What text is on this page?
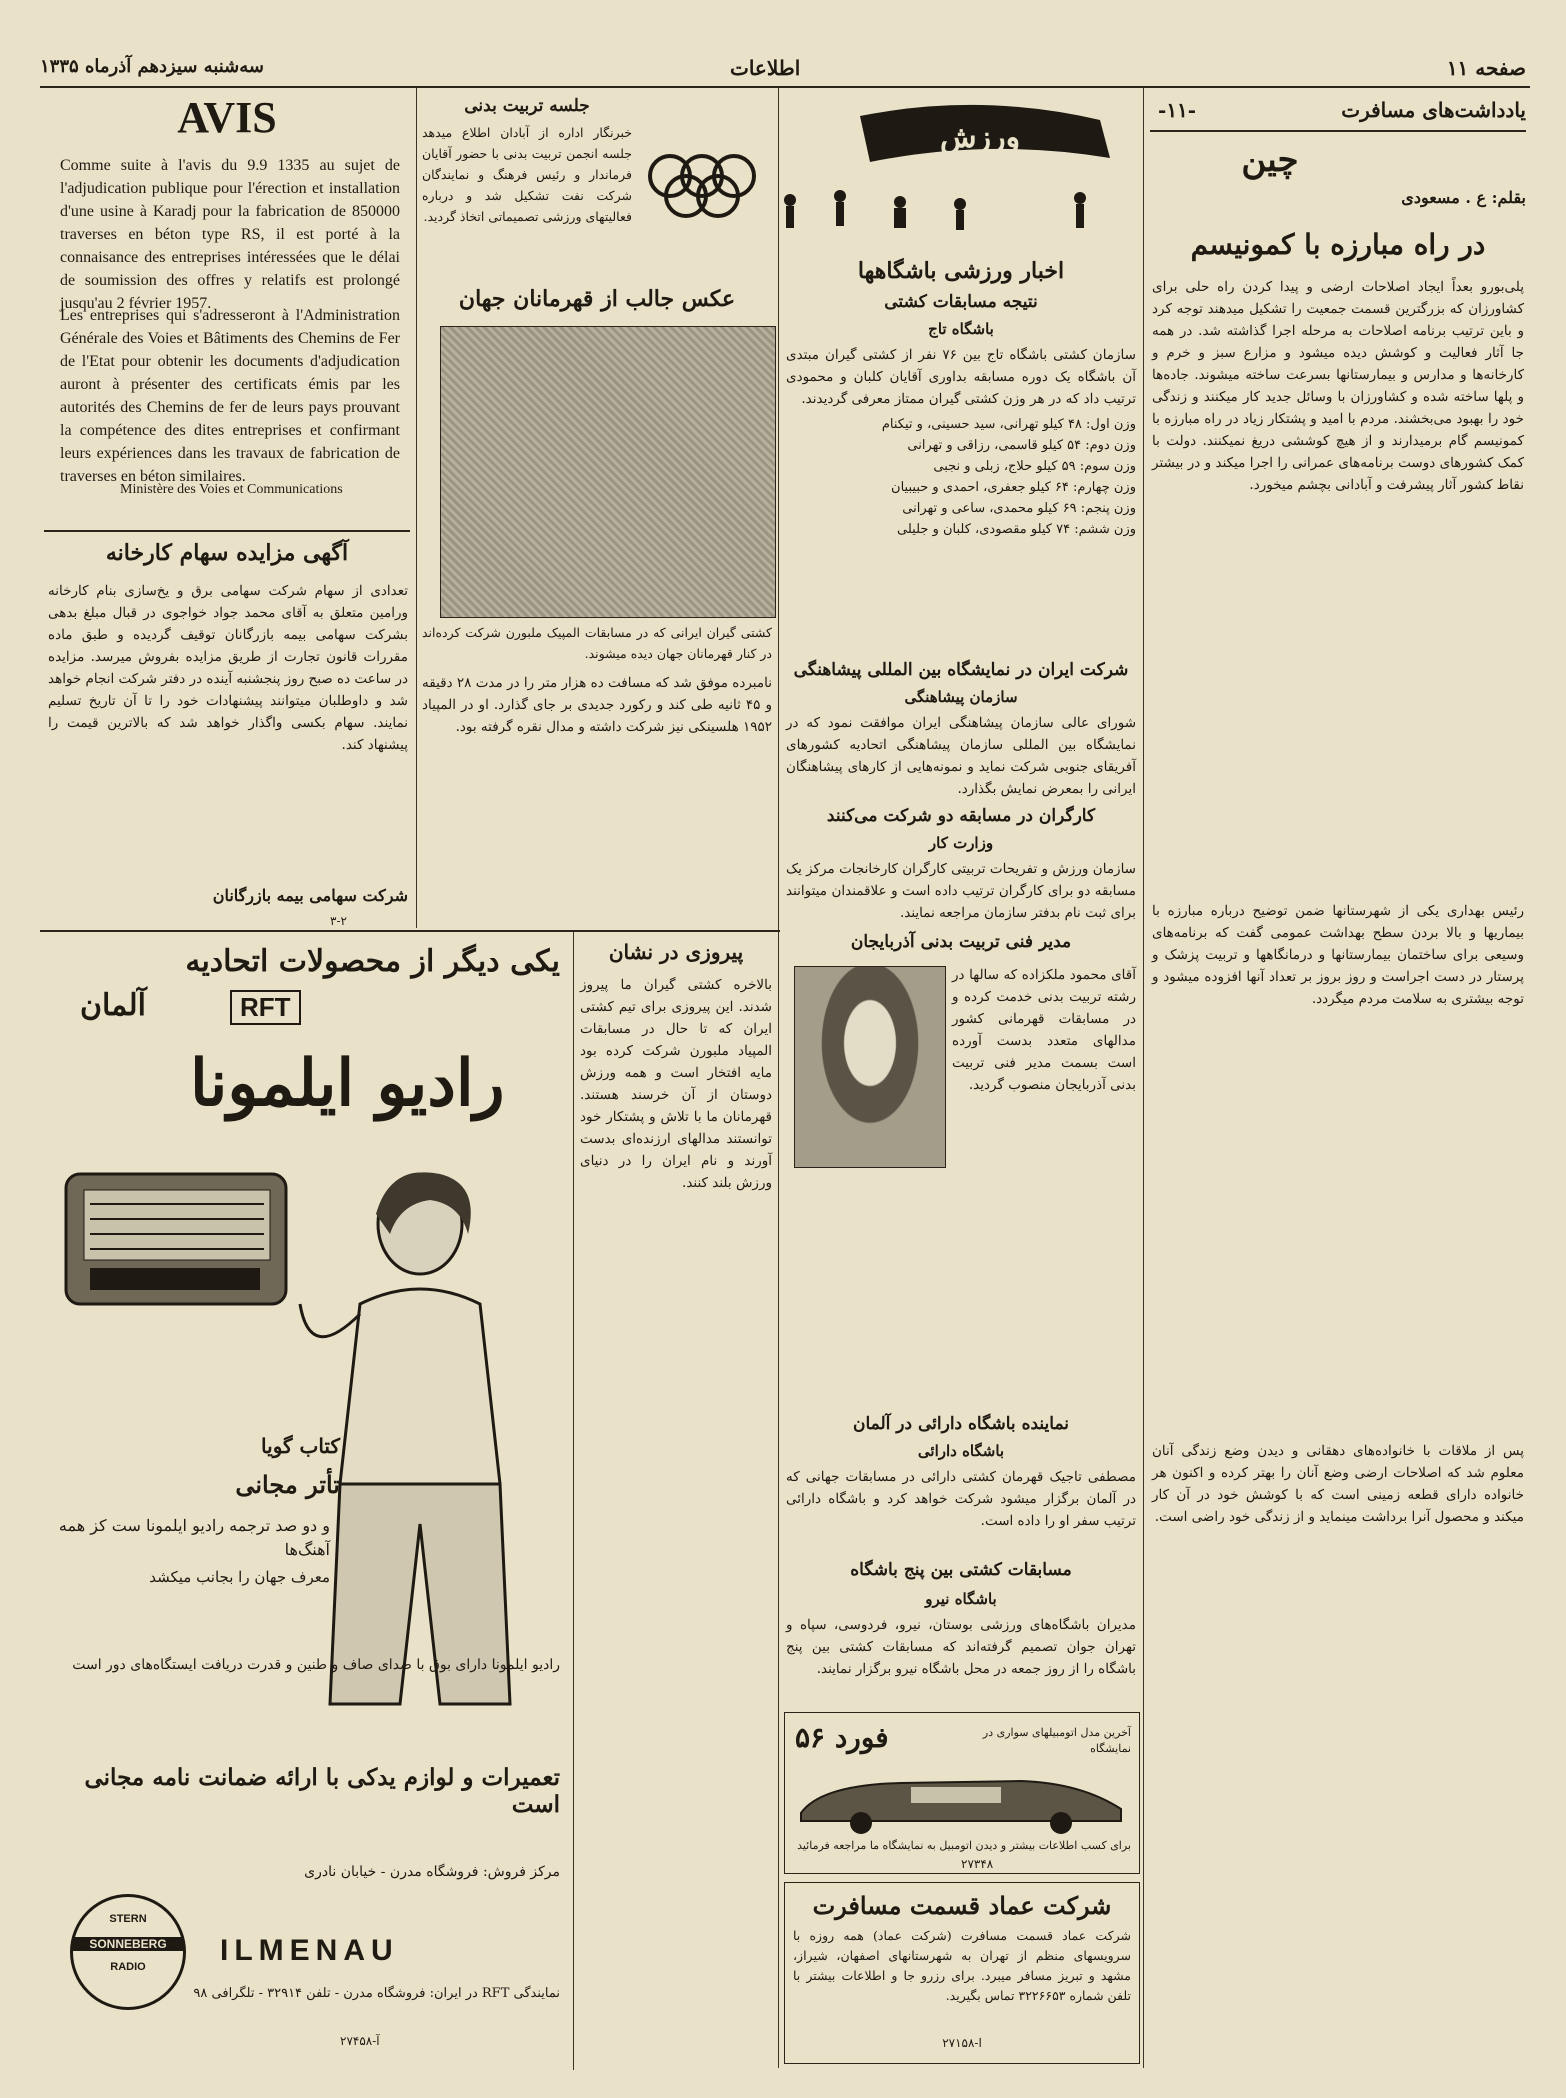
صفحه ۱۱
اطلاعات
سه‌شنبه سیزدهم آذرماه ۱۳۳۵
یادداشت‌های مسافرت
-۱۱-
چین
بقلم: ع . مسعودی
در راه مبارزه با کمونیسم
پلی‌بورو بعداً ایجاد اصلاحات ارضی و پیدا کردن راه حلی برای کشاورزان که بزرگترین قسمت جمعیت را تشکیل میدهند توجه کرد و باین ترتیب برنامه اصلاحات به مرحله اجرا گذاشته شد. در همه جا آثار فعالیت و کوشش دیده میشود و مزارع سبز و خرم و کارخانه‌ها و مدارس و بیمارستانها بسرعت ساخته میشوند. جاده‌ها و پلها ساخته شده و کشاورزان با وسائل جدید کار میکنند و زندگی خود را بهبود می‌بخشند. مردم با امید و پشتکار زیاد در راه مبارزه با کمونیسم گام برمیدارند و از هیچ کوششی دریغ نمیکنند. دولت با کمک کشورهای دوست برنامه‌های عمرانی را اجرا میکند و در بیشتر نقاط کشور آثار پیشرفت و آبادانی بچشم میخورد.
رئیس بهداری یکی از شهرستانها ضمن توضیح درباره مبارزه با بیماریها و بالا بردن سطح بهداشت عمومی گفت که برنامه‌های وسیعی برای ساختمان بیمارستانها و درمانگاهها و تربیت پزشک و پرستار در دست اجراست و روز بروز بر تعداد آنها افزوده میشود و توجه بیشتری به سلامت مردم میگردد.
پس از ملاقات با خانواده‌های دهقانی و دیدن وضع زندگی آنان معلوم شد که اصلاحات ارضی وضع آنان را بهتر کرده و اکنون هر خانواده دارای قطعه زمینی است که با کوشش خود در آن کار میکند و محصول آنرا برداشت مینماید و از زندگی خود راضی است.
ورزش
اخبار ورزشی باشگاهها
نتیجه مسابقات کشتی
باشگاه تاج
سازمان کشتی باشگاه تاج بین ۷۶ نفر از کشتی گیران مبتدی آن باشگاه یک دوره مسابقه بداوری آقایان کلبان و محمودی ترتیب داد که در هر وزن کشتی گیران ممتاز معرفی گردیدند.
وزن اول: ۴۸ کیلو تهرانی، سید حسینی، و تیکنام
وزن دوم: ۵۴ کیلو قاسمی، رزاقی و تهرانی
وزن سوم: ۵۹ کیلو حلاج، زبلی و نجبی
وزن چهارم: ۶۴ کیلو جعفری، احمدی و حبیبیان
وزن پنجم: ۶۹ کیلو محمدی، ساعی و تهرانی
وزن ششم: ۷۴ کیلو مقصودی، کلبان و جلیلی
شرکت ایران در نمایشگاه بین المللی پیشاهنگی
سازمان پیشاهنگی
شورای عالی سازمان پیشاهنگی ایران موافقت نمود که در نمایشگاه بین المللی سازمان پیشاهنگی اتحادیه کشورهای آفریقای جنوبی شرکت نماید و نمونه‌هایی از کارهای پیشاهنگان ایرانی را بمعرض نمایش بگذارد.
کارگران در مسابقه دو شرکت می‌کنند
وزارت کار
سازمان ورزش و تفریحات تربیتی کارگران کارخانجات مرکز یک مسابقه دو برای کارگران ترتیب داده است و علاقمندان میتوانند برای ثبت نام بدفتر سازمان مراجعه نمایند.
مدیر فنی تربیت بدنی آذربایجان
آقای محمود ملکزاده که سالها در رشته تربیت بدنی خدمت کرده و در مسابقات قهرمانی کشور مدالهای متعدد بدست آورده است بسمت مدیر فنی تربیت بدنی آذربایجان منصوب گردید.
نماینده باشگاه دارائی در آلمان
باشگاه دارائی
مصطفی تاجیک قهرمان کشتی دارائی در مسابقات جهانی که در آلمان برگزار میشود شرکت خواهد کرد و باشگاه دارائی ترتیب سفر او را داده است.
مسابقات کشتی بین پنج باشگاه
باشگاه نیرو
مدیران باشگاه‌های ورزشی بوستان، نیرو، فردوسی، سپاه و تهران جوان تصمیم گرفته‌اند که مسابقات کشتی بین پنج باشگاه را از روز جمعه در محل باشگاه نیرو برگزار نمایند.
فورد ۵۶	آخرین مدل اتومبیلهای سواری در نمایشگاه
برای کسب اطلاعات بیشتر و دیدن اتومبیل به نمایشگاه ما مراجعه فرمائید
۲۷۳۴۸
شرکت عماد قسمت مسافرت
شرکت عماد قسمت مسافرت (شرکت عماد) همه روزه با سرویسهای منظم از تهران به شهرستانهای اصفهان، شیراز، مشهد و تبریز مسافر میبرد. برای رزرو جا و اطلاعات بیشتر با تلفن شماره ۳۲۲۶۶۵۳ تماس بگیرید.
۲۷۱۵۸-ا
جلسه تربیت بدنی
خبرنگار اداره از آبادان اطلاع میدهد جلسه انجمن تربیت بدنی با حضور آقایان فرماندار و رئیس فرهنگ و نمایندگان شرکت نفت تشکیل شد و درباره فعالیتهای ورزشی تصمیماتی اتخاذ گردید.
عکس جالب از قهرمانان جهان
کشتی گیران ایرانی که در مسابقات المپیک ملبورن شرکت کرده‌اند در کنار قهرمانان جهان دیده میشوند.
نامبرده موفق شد که مسافت ده هزار متر را در مدت ۲۸ دقیقه و ۴۵ ثانیه طی کند و رکورد جدیدی بر جای گذارد. او در المپیاد ۱۹۵۲ هلسینکی نیز شرکت داشته و مدال نقره گرفته بود.
AVIS
Comme suite à l'avis du 9.9 1335 au sujet de l'adjudication publique pour l'érection et installation d'une usine à Karadj pour la fabrication de 850000 traverses en béton type RS, il est porté à la connaisance des entreprises intéressées que le délai de soumission des offres y relatifs est prolongé jusqu'au 2 février 1957.
Les entreprises qui s'adresseront à l'Administration Générale des Voies et Bâtiments des Chemins de Fer de l'Etat pour obtenir les documents d'adjudication auront à présenter des certificats émis par les autorités des Chemins de fer de leurs pays prouvant la compétence des dites entreprises et confirmant leurs expériences dans les travaux de fabrication de traverses en béton similaires.
Ministère des Voies et Communications
آگهی مزایده سهام کارخانه
تعدادی از سهام شرکت سهامی برق و یخ‌سازی بنام کارخانه ورامین متعلق به آقای محمد جواد خواجوی در قبال مبلغ بدهی بشرکت سهامی بیمه بازرگانان توقیف گردیده و طبق ماده مقررات قانون تجارت از طریق مزایده بفروش میرسد. مزایده در ساعت ده صبح روز پنجشنبه آینده در دفتر شرکت انجام خواهد شد و داوطلبان میتوانند پیشنهادات خود را تا آن تاریخ تسلیم نمایند. سهام بکسی واگذار خواهد شد که بالاترین قیمت را پیشنهاد کند.
شرکت سهامی بیمه بازرگانان
۳-۲
یکی دیگر از محصولات اتحادیه
RFT
آلمان
رادیو ایلمونا
کتاب گویا
تأتر مجانی
و دو صد ترجمه رادیو ایلمونا ست کز همه آهنگ‌ها
معرف جهان را بجانب میکشد
رادیو ایلمونا دارای بوق با صدای صاف و طنین و قدرت دریافت ایستگاه‌های دور است
تعمیرات و لوازم یدکی با ارائه ضمانت نامه مجانی است
مرکز فروش: فروشگاه مدرن - خیابان نادری
STERN
SONNEBERG
RADIO	ILMENAU
نمایندگی RFT در ایران: فروشگاه مدرن - تلفن ۳۲۹۱۴ - تلگرافی ۹۸
۲۷۴۵۸-آ
پیروزی در نشان
بالاخره کشتی گیران ما پیروز شدند. این پیروزی برای تیم کشتی ایران که تا حال در مسابقات المپیاد ملبورن شرکت کرده بود مایه افتخار است و همه ورزش دوستان از آن خرسند هستند. قهرمانان ما با تلاش و پشتکار خود توانستند مدالهای ارزنده‌ای بدست آورند و نام ایران را در دنیای ورزش بلند کنند.
